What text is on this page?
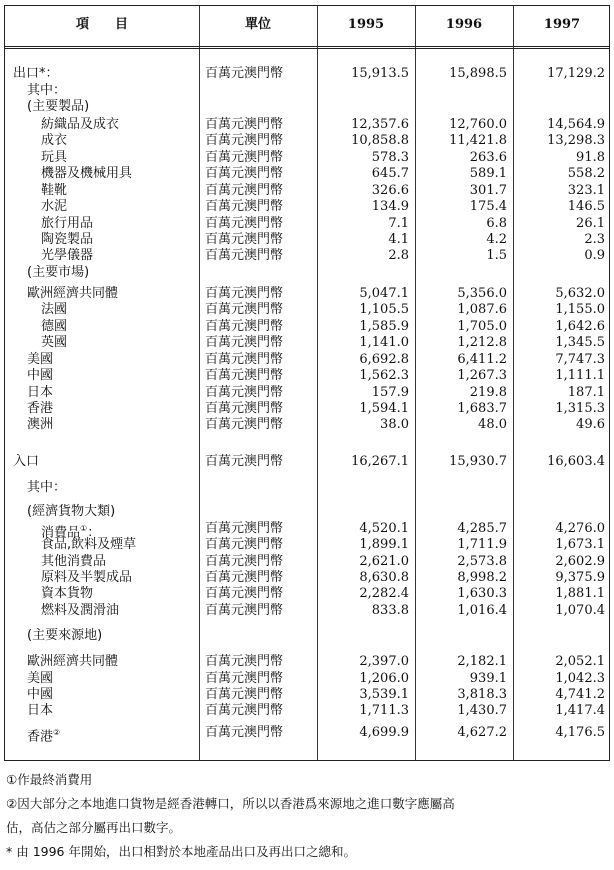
項　　目	單位	1995	1996	1997
出口*：	百萬元澳門幣	15,913.5	15,898.5	17,129.2
其中：
(主要製品)
紡織品及成衣	百萬元澳門幣	12,357.6	12,760.0	14,564.9
成衣	百萬元澳門幣	10,858.8	11,421.8	13,298.3
玩具	百萬元澳門幣	578.3	263.6	91.8
機器及機械用具	百萬元澳門幣	645.7	589.1	558.2
鞋靴	百萬元澳門幣	326.6	301.7	323.1
水泥	百萬元澳門幣	134.9	175.4	146.5
旅行用品	百萬元澳門幣	7.1	6.8	26.1
陶瓷製品	百萬元澳門幣	4.1	4.2	2.3
光學儀器	百萬元澳門幣	2.8	1.5	0.9
(主要市場)
歐洲經濟共同體	百萬元澳門幣	5,047.1	5,356.0	5,632.0
法國	百萬元澳門幣	1,105.5	1,087.6	1,155.0
德國	百萬元澳門幣	1,585.9	1,705.0	1,642.6
英國	百萬元澳門幣	1,141.0	1,212.8	1,345.5
美國	百萬元澳門幣	6,692.8	6,411.2	7,747.3
中國	百萬元澳門幣	1,562.3	1,267.3	1,111.1
日本	百萬元澳門幣	157.9	219.8	187.1
香港	百萬元澳門幣	1,594.1	1,683.7	1,315.3
澳洲	百萬元澳門幣	38.0	48.0	49.6
入口	百萬元澳門幣	16,267.1	15,930.7	16,603.4
其中：
(經濟貨物大類)
消費品①：	百萬元澳門幣	4,520.1	4,285.7	4,276.0
食品,飲料及煙草	百萬元澳門幣	1,899.1	1,711.9	1,673.1
其他消費品	百萬元澳門幣	2,621.0	2,573.8	2,602.9
原料及半製成品	百萬元澳門幣	8,630.8	8,998.2	9,375.9
資本貨物	百萬元澳門幣	2,282.4	1,630.3	1,881.1
燃料及潤滑油	百萬元澳門幣	833.8	1,016.4	1,070.4
(主要來源地)
歐洲經濟共同體	百萬元澳門幣	2,397.0	2,182.1	2,052.1
美國	百萬元澳門幣	1,206.0	939.1	1,042.3
中國	百萬元澳門幣	3,539.1	3,818.3	4,741.2
日本	百萬元澳門幣	1,711.3	1,430.7	1,417.4
香港②	百萬元澳門幣	4,699.9	4,627.2	4,176.5
①作最終消費用
②因大部分之本地進口貨物是經香港轉口，所以以香港爲來源地之進口數字應屬高
估，高估之部分屬再出口數字。
* 由 1996 年開始，出口相對於本地產品出口及再出口之總和。
